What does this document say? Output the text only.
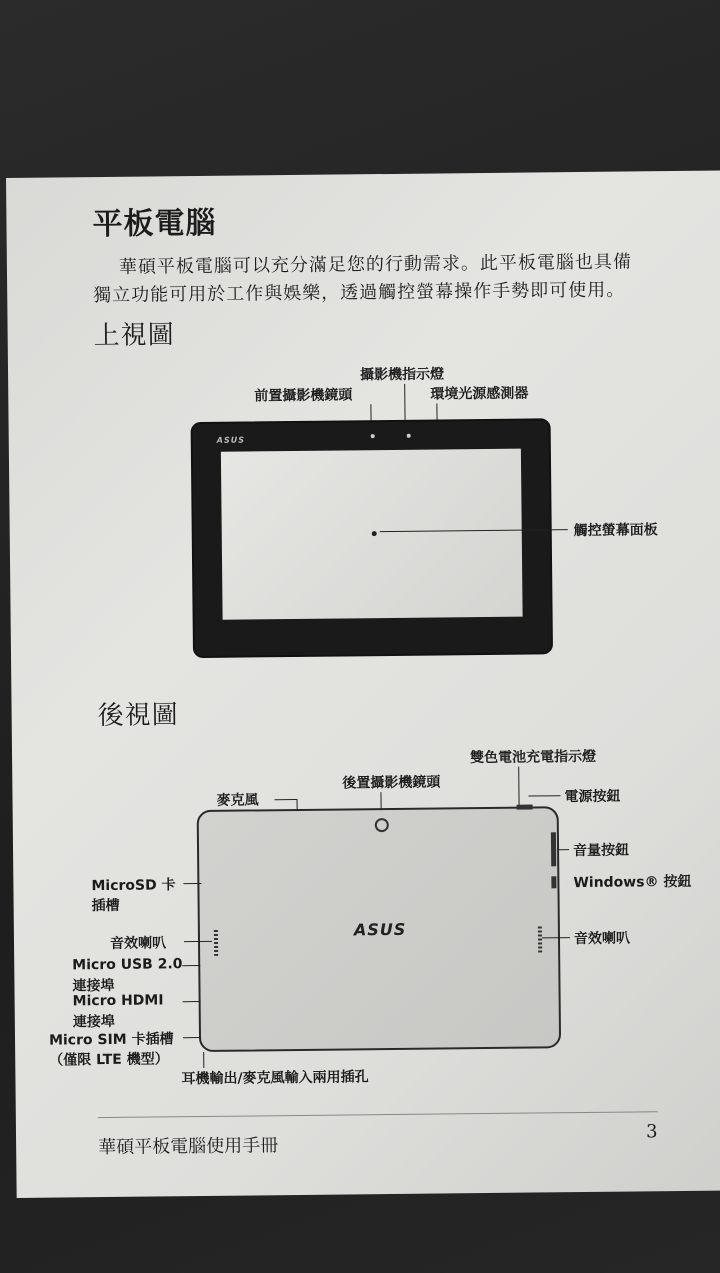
平板電腦
華碩平板電腦可以充分滿足您的行動需求。此平板電腦也具備
獨立功能可用於工作與娛樂，透過觸控螢幕操作手勢即可使用。
上視圖
攝影機指示燈
前置攝影機鏡頭	環境光源感測器
ASUS
觸控螢幕面板
後視圖
雙色電池充電指示燈
後置攝影機鏡頭
麥克風	電源按鈕
ASUS
音量按鈕
MicroSD 卡
插槽
Windows® 按鈕
音效喇叭	音效喇叭
Micro USB 2.0
連接埠
Micro HDMI
連接埠
Micro SIM 卡插槽
（僅限 LTE 機型）
耳機輸出/麥克風輸入兩用插孔
華碩平板電腦使用手冊
3
